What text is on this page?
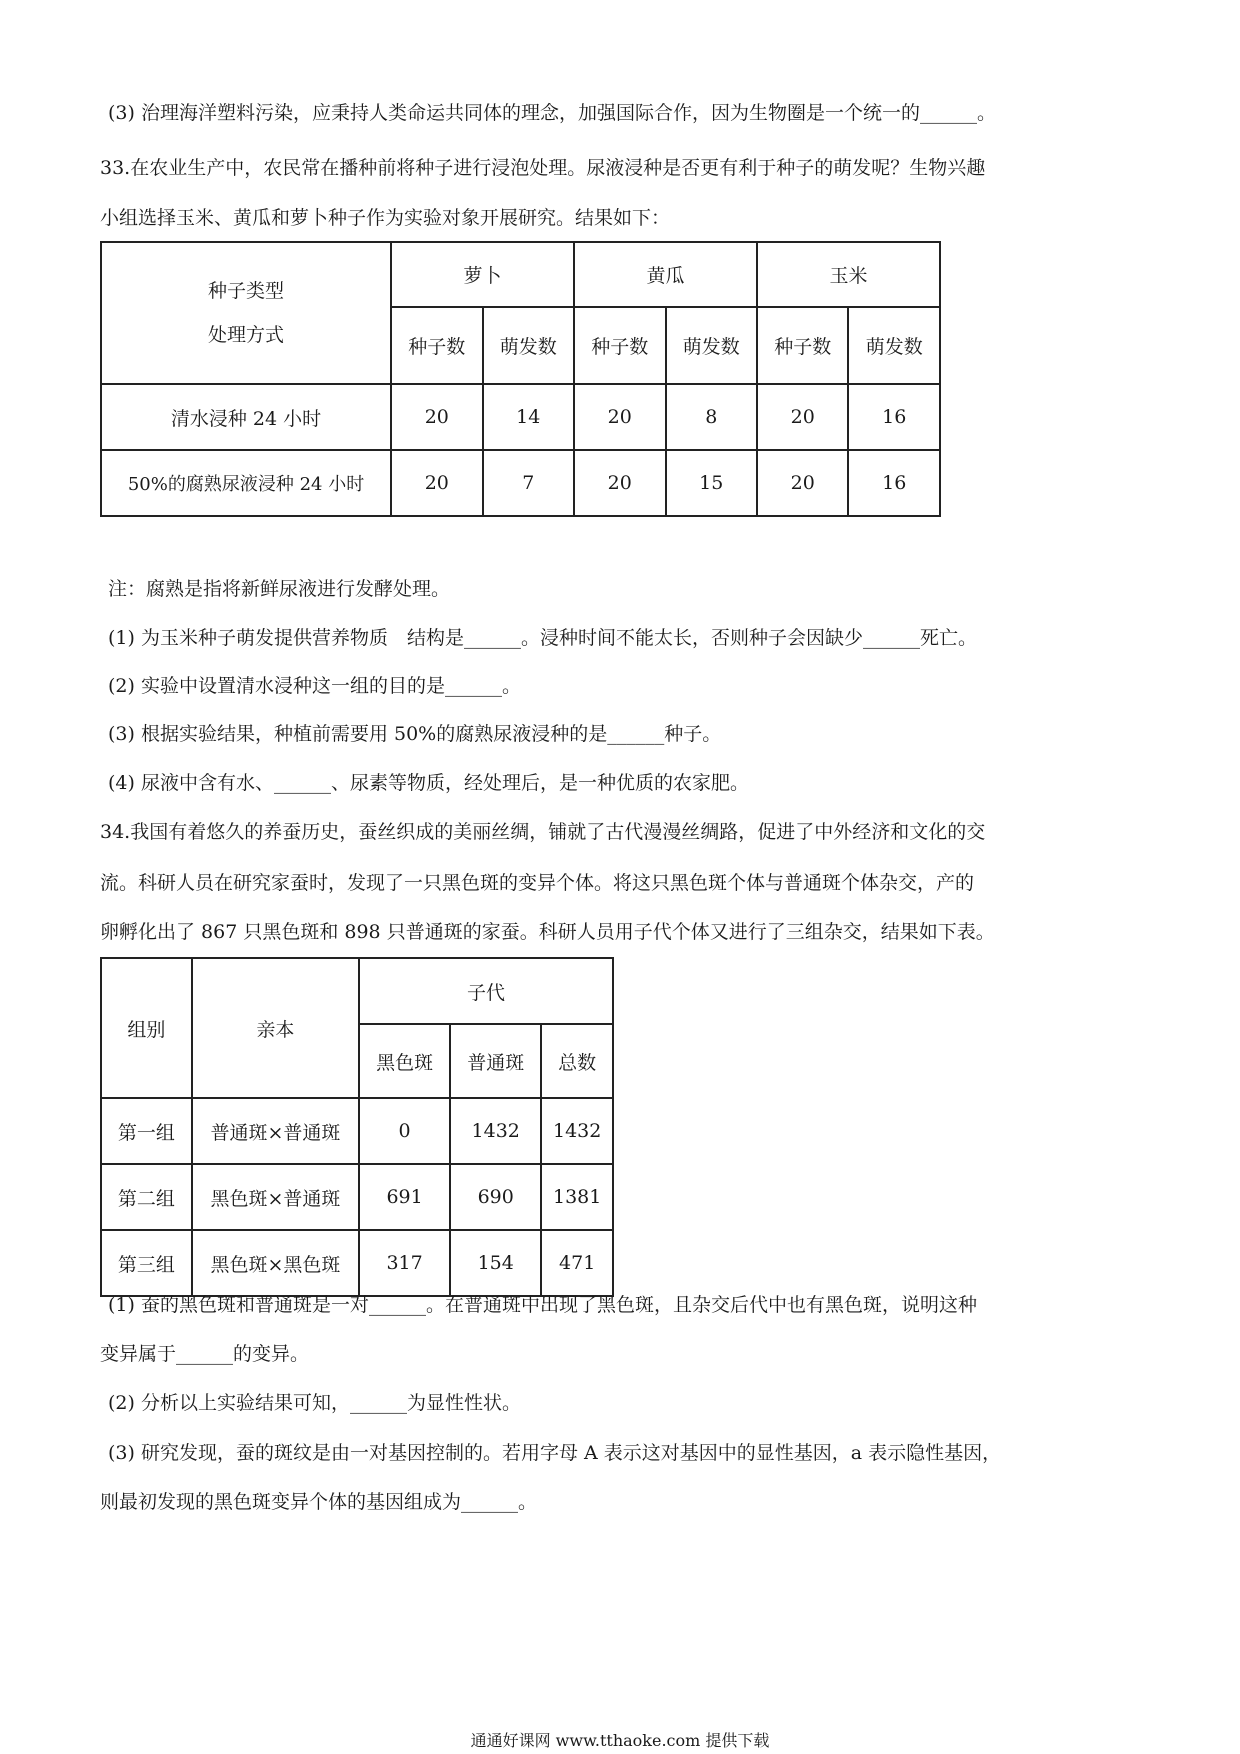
(3) 治理海洋塑料污染，应秉持人类命运共同体的理念，加强国际合作，因为生物圈是一个统一的______。
33.在农业生产中，农民常在播种前将种子进行浸泡处理。尿液浸种是否更有利于种子的萌发呢？生物兴趣
小组选择玉米、黄瓜和萝卜种子作为实验对象开展研究。结果如下：
种子类型
处理方式	萝卜		黄瓜		玉米	
	种子数	萌发数	种子数	萌发数	种子数	萌发数
清水浸种 24 小时	20	14	20	8	20	16
50%的腐熟尿液浸种 24 小时	20	7	20	15	20	16
注：腐熟是指将新鲜尿液进行发酵处理。
(1) 为玉米种子萌发提供营养物质　结构是______。浸种时间不能太长，否则种子会因缺少______死亡。
(2) 实验中设置清水浸种这一组的目的是______。
(3) 根据实验结果，种植前需要用 50%的腐熟尿液浸种的是______种子。
(4) 尿液中含有水、______、尿素等物质，经处理后，是一种优质的农家肥。
34.我国有着悠久的养蚕历史，蚕丝织成的美丽丝绸，铺就了古代漫漫丝绸路，促进了中外经济和文化的交
流。科研人员在研究家蚕时，发现了一只黑色斑的变异个体。将这只黑色斑个体与普通斑个体杂交，产的
卵孵化出了 867 只黑色斑和 898 只普通斑的家蚕。科研人员用子代个体又进行了三组杂交，结果如下表。
组别	亲本	子代		
		黑色斑	普通斑	总数
第一组	普通斑×普通斑	0	1432	1432
第二组	黑色斑×普通斑	691	690	1381
第三组	黑色斑×黑色斑	317	154	471
(1) 蚕的黑色斑和普通斑是一对______。在普通斑中出现了黑色斑，且杂交后代中也有黑色斑，说明这种
变异属于______的变异。
(2) 分析以上实验结果可知，______为显性性状。
(3) 研究发现，蚕的斑纹是由一对基因控制的。若用字母 A 表示这对基因中的显性基因，a 表示隐性基因，
则最初发现的黑色斑变异个体的基因组成为______。
通通好课网 www.tthaoke.com 提供下载
